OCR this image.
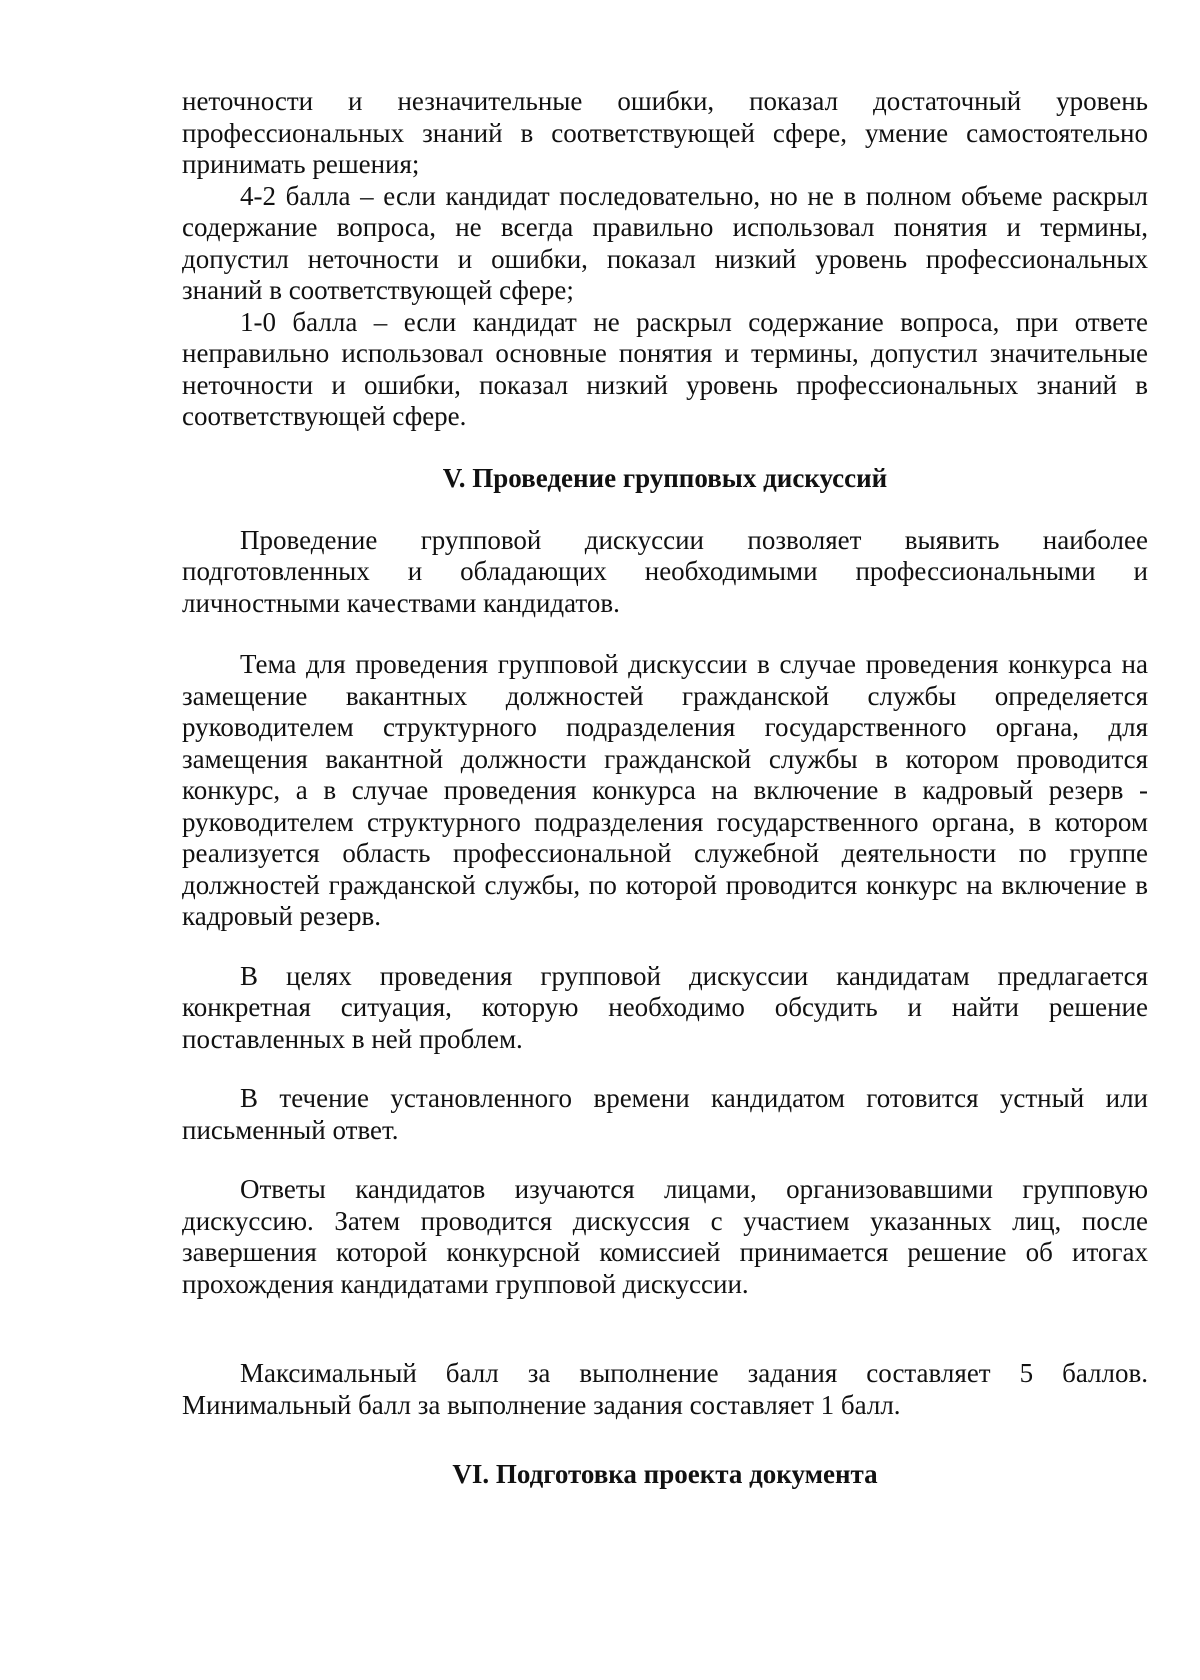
неточности и незначительные ошибки, показал достаточный уровень профессиональных знаний в соответствующей сфере, умение самостоятельно принимать решения;

4-2 балла – если кандидат последовательно, но не в полном объеме раскрыл содержание вопроса, не всегда правильно использовал понятия и термины, допустил неточности и ошибки, показал низкий уровень профессиональных знаний в соответствующей сфере;

1-0 балла – если кандидат не раскрыл содержание вопроса, при ответе неправильно использовал основные понятия и термины, допустил значительные неточности и ошибки, показал низкий уровень профессиональных знаний в соответствующей сфере.

V. Проведение групповых дискуссий

Проведение групповой дискуссии позволяет выявить наиболее подготовленных и обладающих необходимыми профессиональными и личностными качествами кандидатов.

Тема для проведения групповой дискуссии в случае проведения конкурса на замещение вакантных должностей гражданской службы определяется руководителем структурного подразделения государственного органа, для замещения вакантной должности гражданской службы в котором проводится конкурс, а в случае проведения конкурса на включение в кадровый резерв - руководителем структурного подразделения государственного органа, в котором реализуется область профессиональной служебной деятельности по группе должностей гражданской службы, по которой проводится конкурс на включение в кадровый резерв.

В целях проведения групповой дискуссии кандидатам предлагается конкретная ситуация, которую необходимо обсудить и найти решение поставленных в ней проблем.

В течение установленного времени кандидатом готовится устный или письменный ответ.

Ответы кандидатов изучаются лицами, организовавшими групповую дискуссию. Затем проводится дискуссия с участием указанных лиц, после завершения которой конкурсной комиссией принимается решение об итогах прохождения кандидатами групповой дискуссии.

Максимальный балл за выполнение задания составляет 5 баллов. Минимальный балл за выполнение задания составляет 1 балл.

VI. Подготовка проекта документа
